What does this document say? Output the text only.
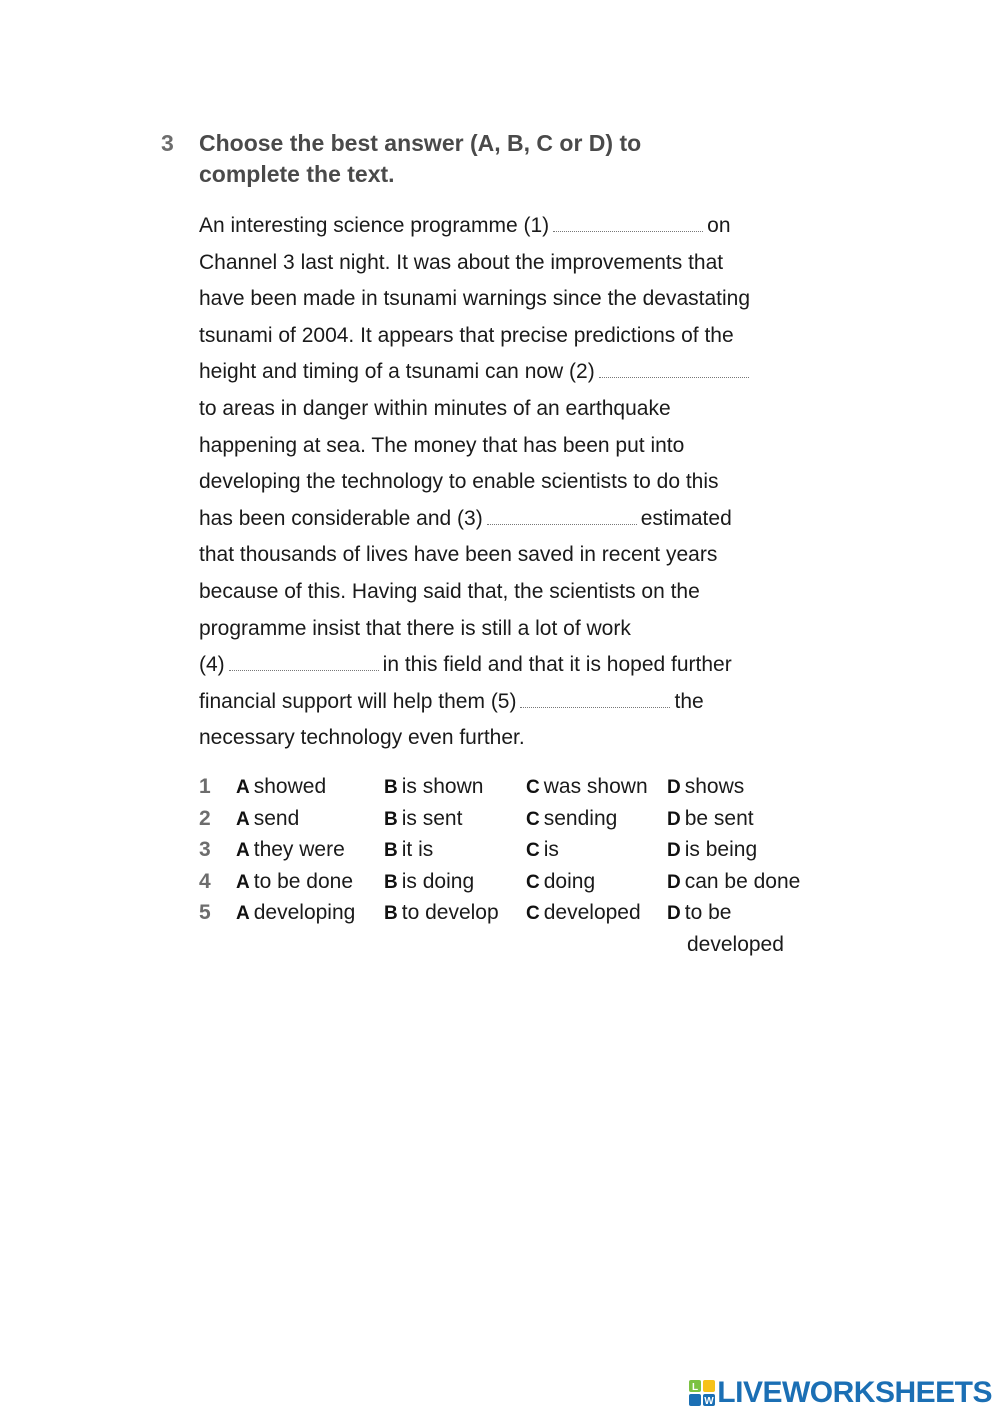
3 Choose the best answer (A, B, C or D) to
complete the text.
An interesting science programme (1)	on
Channel 3 last night. It was about the improvements that
have been made in tsunami warnings since the devastating
tsunami of 2004. It appears that precise predictions of the
height and timing of a tsunami can now (2)
to areas in danger within minutes of an earthquake
happening at sea. The money that has been put into
developing the technology to enable scientists to do this
has been considerable and (3)	estimated
that thousands of lives have been saved in recent years
because of this. Having said that, the scientists on the
programme insist that there is still a lot of work
(4)	in this field and that it is hoped further
financial support will help them (5)	the
necessary technology even further.
1 A showed	B is shown C was shown D shows
2 A send	B is sent	C sending	D be sent
3 A they were B it is	C is	D is being
4 A to be done B is doing	C doing	D can be done
5 A developing B to develop C developed D to be
developed
L
W LIVEWORKSHEETS
